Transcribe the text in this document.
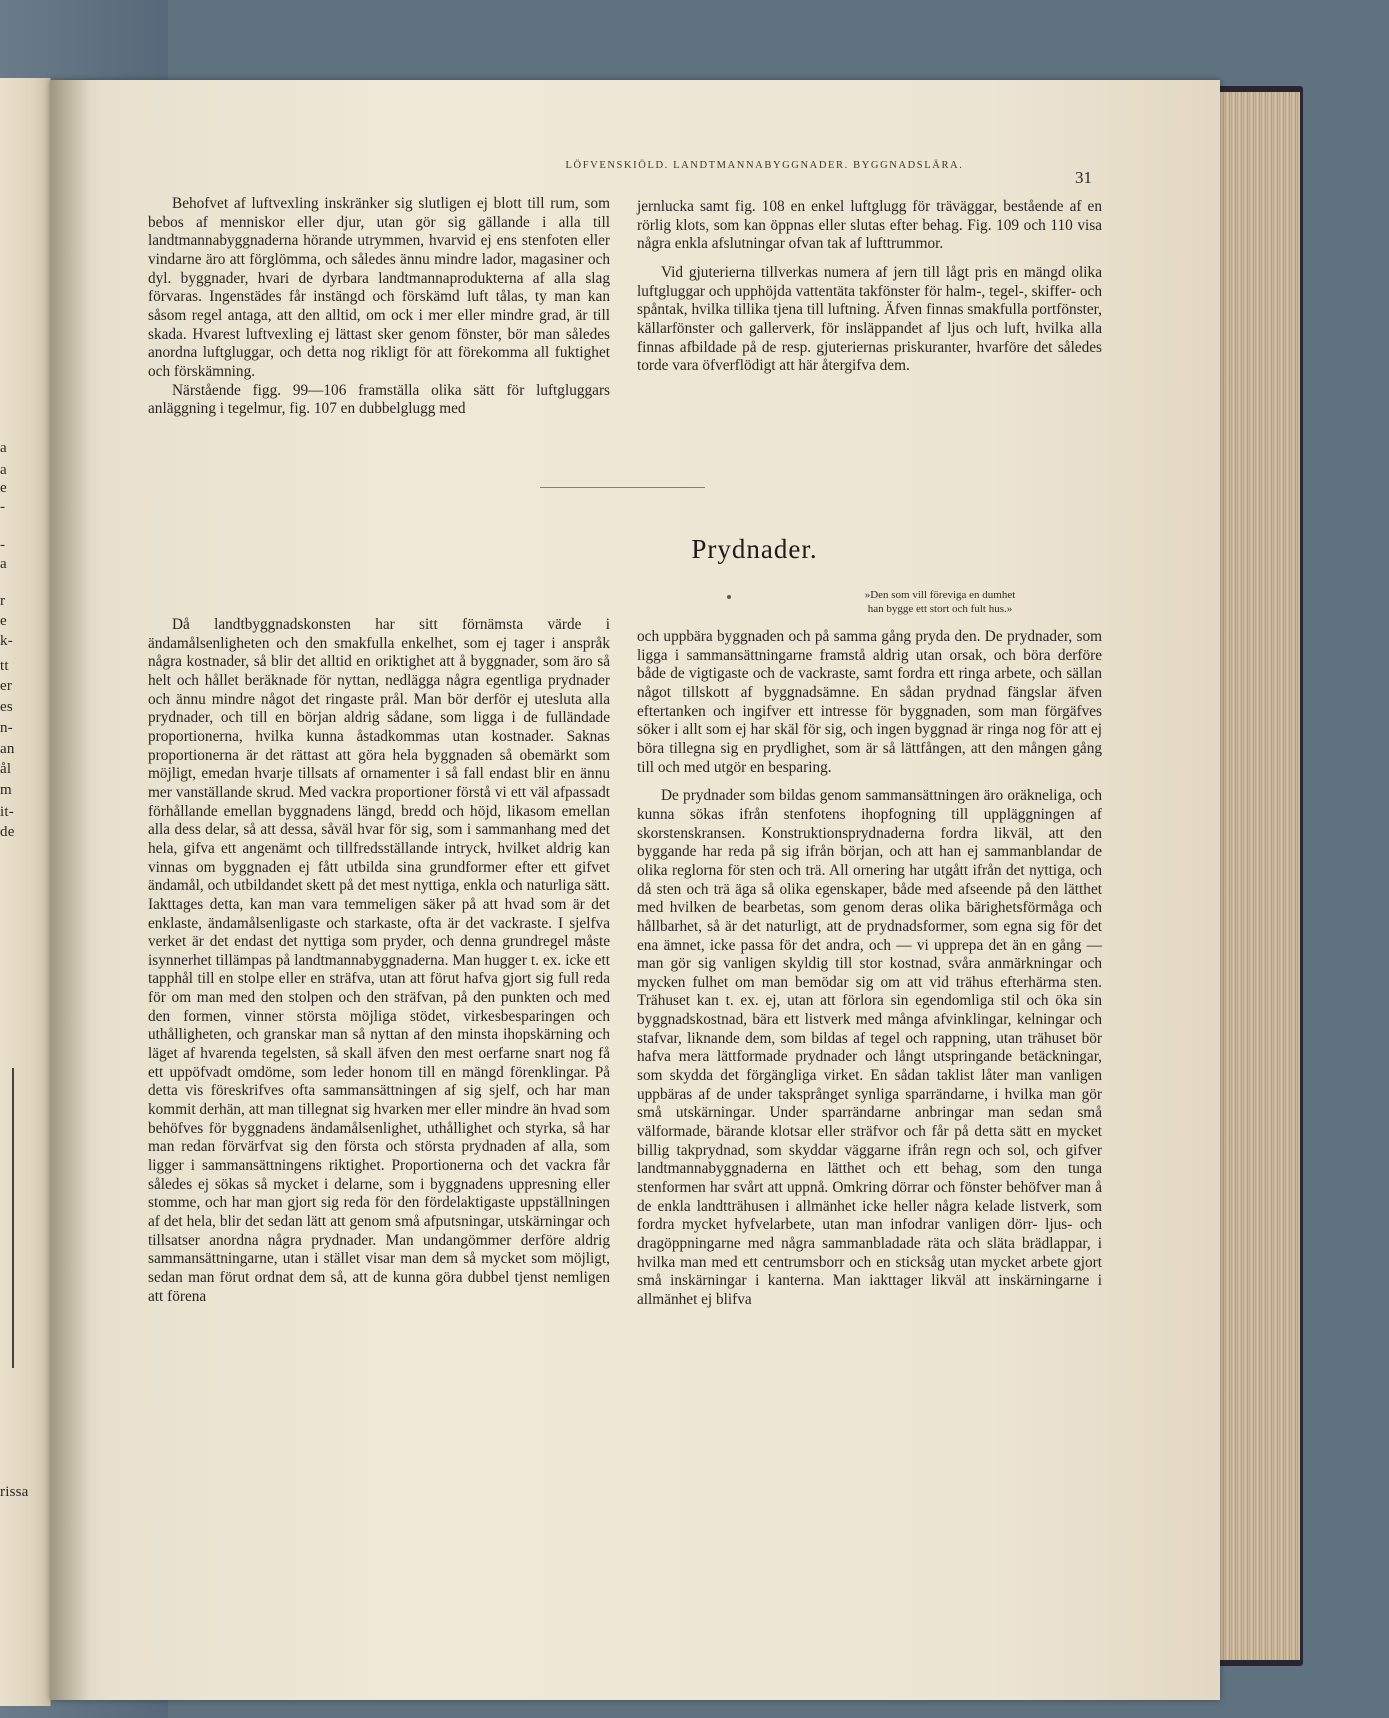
a
a
e
-
-
a
r
e
k-
tt
er
es
n-
an
ål
m
it-
de
rissa
LÖFVENSKIÖLD. LANDTMANNABYGGNADER. BYGGNADSLÄRA.
31

Behofvet af luftvexling inskränker sig slutligen ej blott till rum, som bebos af menniskor eller djur, utan gör sig gällande i alla till landtmannabyggnaderna hörande utrymmen, hvarvid ej ens stenfoten eller vindarne äro att förglömma, och således ännu mindre lador, magasiner och dyl. byggnader, hvari de dyrbara landtmannaprodukterna af alla slag förvaras. Ingenstädes får instängd och förskämd luft tålas, ty man kan såsom regel antaga, att den alltid, om ock i mer eller mindre grad, är till skada. Hvarest luftvexling ej lättast sker genom fönster, bör man således anordna luftgluggar, och detta nog rikligt för att förekomma all fuktighet och förskämning.

Närstående figg. 99—106 framställa olika sätt för luftgluggars anläggning i tegelmur, fig. 107 en dubbelglugg med

jernlucka samt fig. 108 en enkel luftglugg för träväggar, bestående af en rörlig klots, som kan öppnas eller slutas efter behag. Fig. 109 och 110 visa några enkla afslutningar ofvan tak af lufttrummor.

Vid gjuterierna tillverkas numera af jern till lågt pris en mängd olika luftgluggar och upphöjda vattentäta takfönster för halm-, tegel-, skiffer- och spåntak, hvilka tillika tjena till luftning. Äfven finnas smakfulla portfönster, källarfönster och gallerverk, för insläppandet af ljus och luft, hvilka alla finnas afbildade på de resp. gjuteriernas priskuranter, hvarföre det således torde vara öfverflödigt att här återgifva dem.

Prydnader.
»Den som vill föreviga en dumhet
han bygge ett stort och fult hus.»

Då landtbyggnadskonsten har sitt förnämsta värde i ändamålsenligheten och den smakfulla enkelhet, som ej tager i anspråk några kostnader, så blir det alltid en oriktighet att å byggnader, som äro så helt och hållet beräknade för nyttan, nedlägga några egentliga prydnader och ännu mindre något det ringaste prål. Man bör derför ej utesluta alla prydnader, och till en början aldrig sådane, som ligga i de fulländade proportionerna, hvilka kunna åstadkommas utan kostnader. Saknas proportionerna är det rättast att göra hela byggnaden så obemärkt som möjligt, emedan hvarje tillsats af ornamenter i så fall endast blir en ännu mer vanställande skrud. Med vackra proportioner förstå vi ett väl afpassadt förhållande emellan byggnadens längd, bredd och höjd, likasom emellan alla dess delar, så att dessa, såväl hvar för sig, som i sammanhang med det hela, gifva ett angenämt och tillfredsställande intryck, hvilket aldrig kan vinnas om byggnaden ej fått utbilda sina grundformer efter ett gifvet ändamål, och utbildandet skett på det mest nyttiga, enkla och naturliga sätt. Iakttages detta, kan man vara temmeligen säker på att hvad som är det enklaste, ändamålsenligaste och starkaste, ofta är det vackraste. I sjelfva verket är det endast det nyttiga som pryder, och denna grundregel måste isynnerhet tillämpas på landtmannabyggnaderna. Man hugger t. ex. icke ett tapphål till en stolpe eller en sträfva, utan att förut hafva gjort sig full reda för om man med den stolpen och den sträfvan, på den punkten och med den formen, vinner största möjliga stödet, virkesbesparingen och uthålligheten, och granskar man så nyttan af den minsta ihopskärning och läget af hvarenda tegelsten, så skall äfven den mest oerfarne snart nog få ett uppöfvadt omdöme, som leder honom till en mängd förenklingar. På detta vis föreskrifves ofta sammansättningen af sig sjelf, och har man kommit derhän, att man tillegnat sig hvarken mer eller mindre än hvad som behöfves för byggnadens ändamålsenlighet, uthållighet och styrka, så har man redan förvärfvat sig den första och största prydnaden af alla, som ligger i sammansättningens riktighet. Proportionerna och det vackra får således ej sökas så mycket i delarne, som i byggnadens uppresning eller stomme, och har man gjort sig reda för den fördelaktigaste uppställningen af det hela, blir det sedan lätt att genom små afputsningar, utskärningar och tillsatser anordna några prydnader. Man undangömmer derföre aldrig sammansättningarne, utan i stället visar man dem så mycket som möjligt, sedan man förut ordnat dem så, att de kunna göra dubbel tjenst nemligen att förena

och uppbära byggnaden och på samma gång pryda den. De prydnader, som ligga i sammansättningarne framstå aldrig utan orsak, och böra derföre både de vigtigaste och de vackraste, samt fordra ett ringa arbete, och sällan något tillskott af byggnadsämne. En sådan prydnad fängslar äfven eftertanken och ingifver ett intresse för byggnaden, som man förgäfves söker i allt som ej har skäl för sig, och ingen byggnad är ringa nog för att ej böra tillegna sig en prydlighet, som är så lättfången, att den mången gång till och med utgör en besparing.

De prydnader som bildas genom sammansättningen äro oräkneliga, och kunna sökas ifrån stenfotens ihopfogning till uppläggningen af skorstenskransen. Konstruktionsprydnaderna fordra likväl, att den byggande har reda på sig ifrån början, och att han ej sammanblandar de olika reglorna för sten och trä. All ornering har utgått ifrån det nyttiga, och då sten och trä äga så olika egenskaper, både med afseende på den lätthet med hvilken de bearbetas, som genom deras olika bärighetsförmåga och hållbarhet, så är det naturligt, att de prydnadsformer, som egna sig för det ena ämnet, icke passa för det andra, och — vi upprepa det än en gång — man gör sig vanligen skyldig till stor kostnad, svåra anmärkningar och mycken fulhet om man bemödar sig om att vid trähus efterhärma sten. Trähuset kan t. ex. ej, utan att förlora sin egendomliga stil och öka sin byggnadskostnad, bära ett listverk med många afvinklingar, kelningar och stafvar, liknande dem, som bildas af tegel och rappning, utan trähuset bör hafva mera lättformade prydnader och långt utspringande betäckningar, som skydda det förgängliga virket. En sådan taklist låter man vanligen uppbäras af de under taksprånget synliga sparrändarne, i hvilka man gör små utskärningar. Under sparrändarne anbringar man sedan små välformade, bärande klotsar eller sträfvor och får på detta sätt en mycket billig takprydnad, som skyddar väggarne ifrån regn och sol, och gifver landtmannabyggnaderna en lätthet och ett behag, som den tunga stenformen har svårt att uppnå. Omkring dörrar och fönster behöfver man å de enkla landtträhusen i allmänhet icke heller några kelade listverk, som fordra mycket hyfvelarbete, utan man infodrar vanligen dörr- ljus- och dragöppningarne med några sammanbladade räta och släta brädlappar, i hvilka man med ett centrumsborr och en sticksåg utan mycket arbete gjort små inskärningar i kanterna. Man iakttager likväl att inskärningarne i allmänhet ej blifva
